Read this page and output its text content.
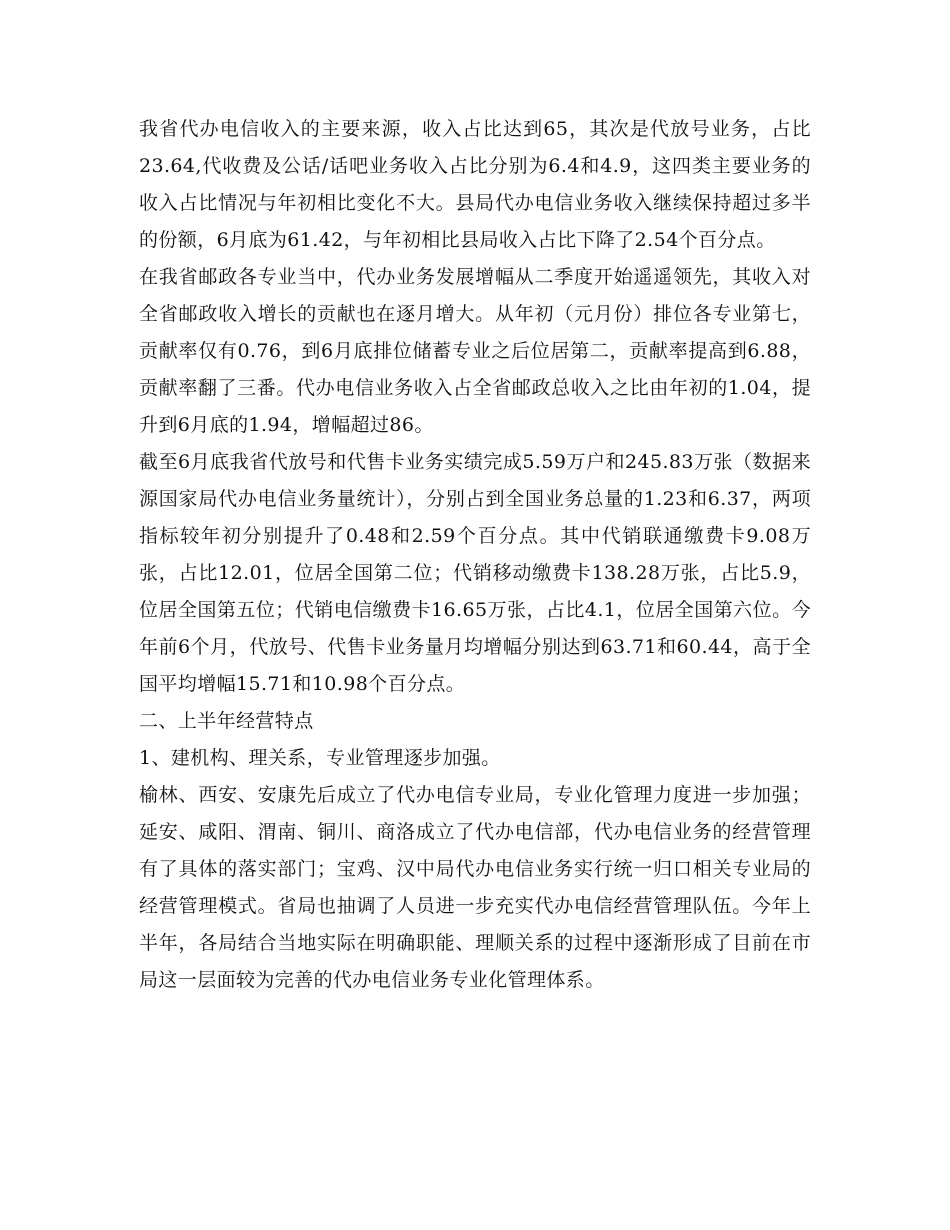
我省代办电信收入的主要来源，收入占比达到65，其次是代放号业务，占比23.64,代收费及公话/话吧业务收入占比分别为6.4和4.9，这四类主要业务的收入占比情况与年初相比变化不大。县局代办电信业务收入继续保持超过多半的份额，6月底为61.42，与年初相比县局收入占比下降了2.54个百分点。

在我省邮政各专业当中，代办业务发展增幅从二季度开始遥遥领先，其收入对全省邮政收入增长的贡献也在逐月增大。从年初（元月份）排位各专业第七，贡献率仅有0.76，到6月底排位储蓄专业之后位居第二，贡献率提高到6.88，贡献率翻了三番。代办电信业务收入占全省邮政总收入之比由年初的1.04，提升到6月底的1.94，增幅超过86。

截至6月底我省代放号和代售卡业务实绩完成5.59万户和245.83万张（数据来源国家局代办电信业务量统计），分别占到全国业务总量的1.23和6.37，两项指标较年初分别提升了0.48和2.59个百分点。其中代销联通缴费卡9.08万张，占比12.01，位居全国第二位；代销移动缴费卡138.28万张，占比5.9，位居全国第五位；代销电信缴费卡16.65万张，占比4.1，位居全国第六位。今年前6个月，代放号、代售卡业务量月均增幅分别达到63.71和60.44，高于全国平均增幅15.71和10.98个百分点。

二、上半年经营特点

1、建机构、理关系，专业管理逐步加强。

榆林、西安、安康先后成立了代办电信专业局，专业化管理力度进一步加强；延安、咸阳、渭南、铜川、商洛成立了代办电信部，代办电信业务的经营管理有了具体的落实部门；宝鸡、汉中局代办电信业务实行统一归口相关专业局的经营管理模式。省局也抽调了人员进一步充实代办电信经营管理队伍。今年上半年，各局结合当地实际在明确职能、理顺关系的过程中逐渐形成了目前在市局这一层面较为完善的代办电信业务专业化管理体系。
